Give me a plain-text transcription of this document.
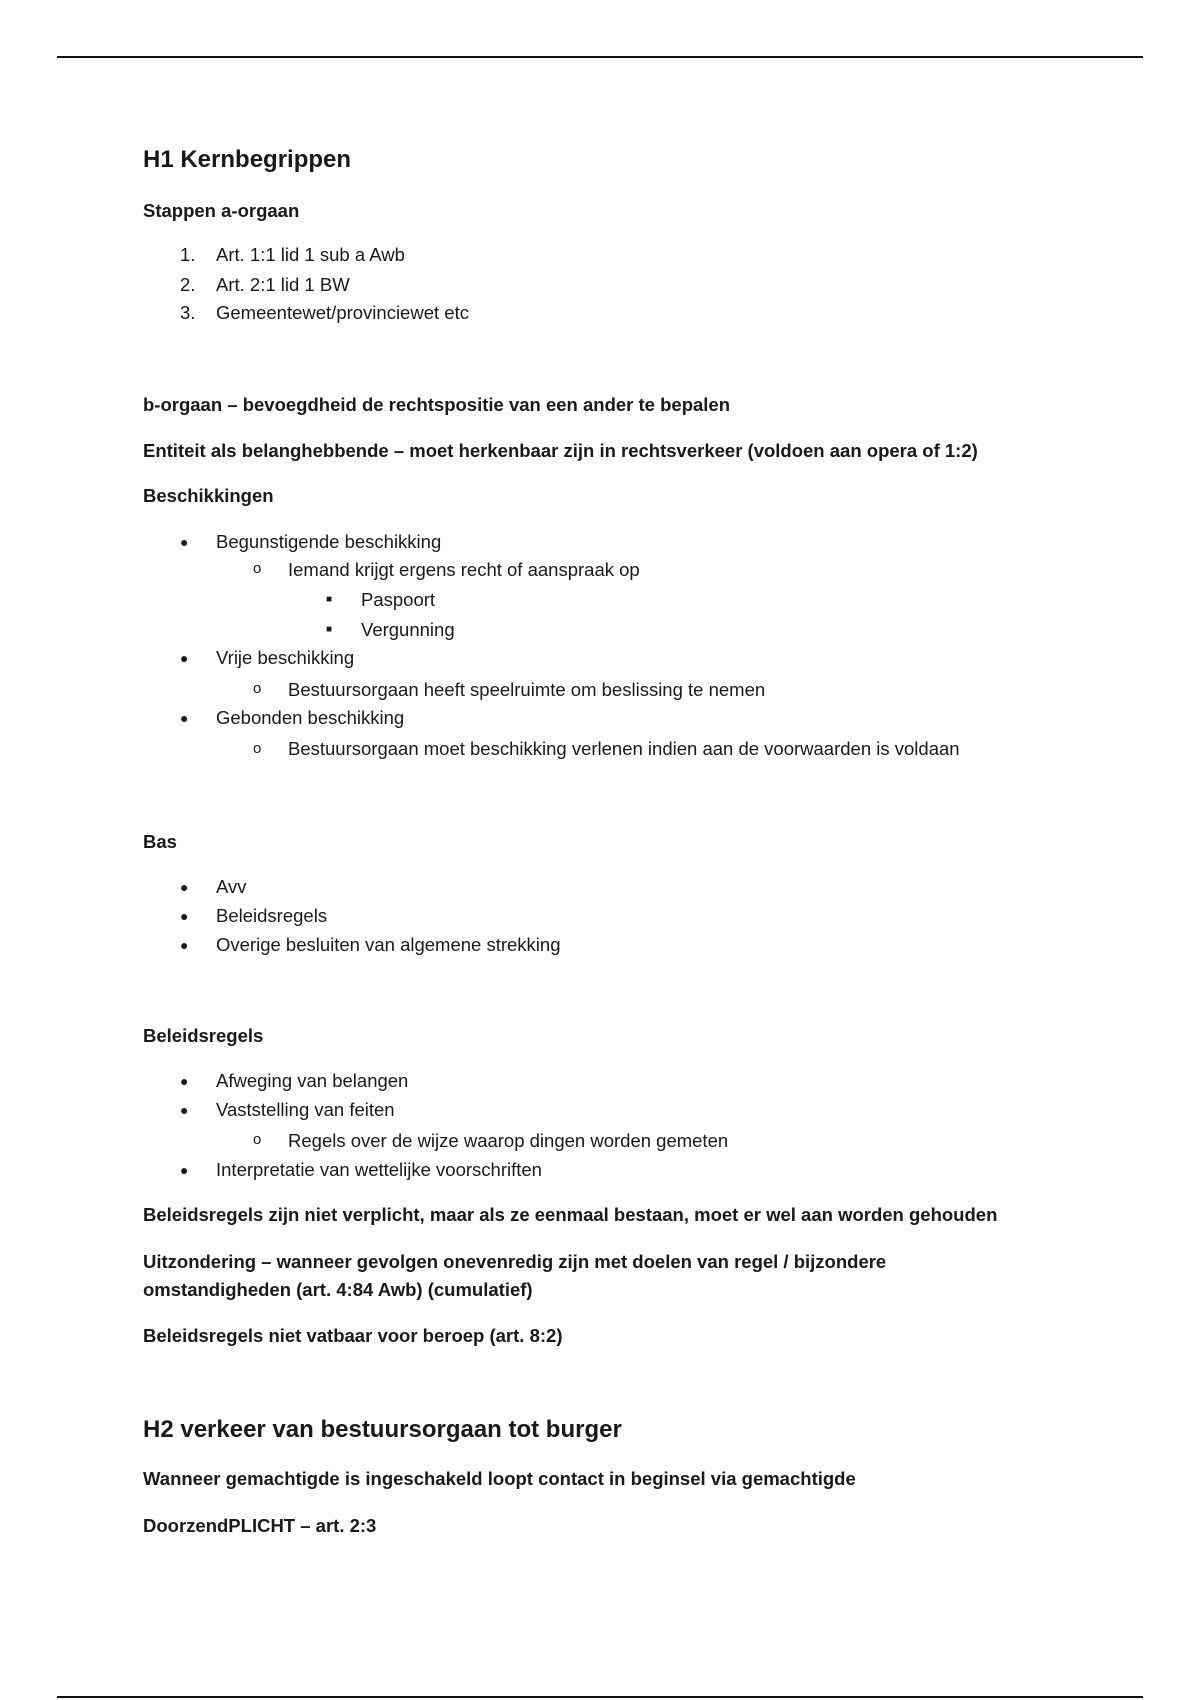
H1 Kernbegrippen
Stappen a-orgaan
1. Art. 1:1 lid 1 sub a Awb
2. Art. 2:1 lid 1 BW
3. Gemeentewet/provinciewet etc
b-orgaan – bevoegdheid de rechtspositie van een ander te bepalen
Entiteit als belanghebbende – moet herkenbaar zijn in rechtsverkeer (voldoen aan opera of 1:2)
Beschikkingen
● Begunstigende beschikking
o Iemand krijgt ergens recht of aanspraak op
■ Paspoort
■ Vergunning
● Vrije beschikking
o Bestuursorgaan heeft speelruimte om beslissing te nemen
● Gebonden beschikking
o Bestuursorgaan moet beschikking verlenen indien aan de voorwaarden is voldaan
Bas
● Avv
● Beleidsregels
● Overige besluiten van algemene strekking
Beleidsregels
● Afweging van belangen
● Vaststelling van feiten
o Regels over de wijze waarop dingen worden gemeten
● Interpretatie van wettelijke voorschriften
Beleidsregels zijn niet verplicht, maar als ze eenmaal bestaan, moet er wel aan worden gehouden
Uitzondering – wanneer gevolgen onevenredig zijn met doelen van regel / bijzondere
omstandigheden (art. 4:84 Awb) (cumulatief)
Beleidsregels niet vatbaar voor beroep (art. 8:2)
H2 verkeer van bestuursorgaan tot burger
Wanneer gemachtigde is ingeschakeld loopt contact in beginsel via gemachtigde
DoorzendPLICHT – art. 2:3
